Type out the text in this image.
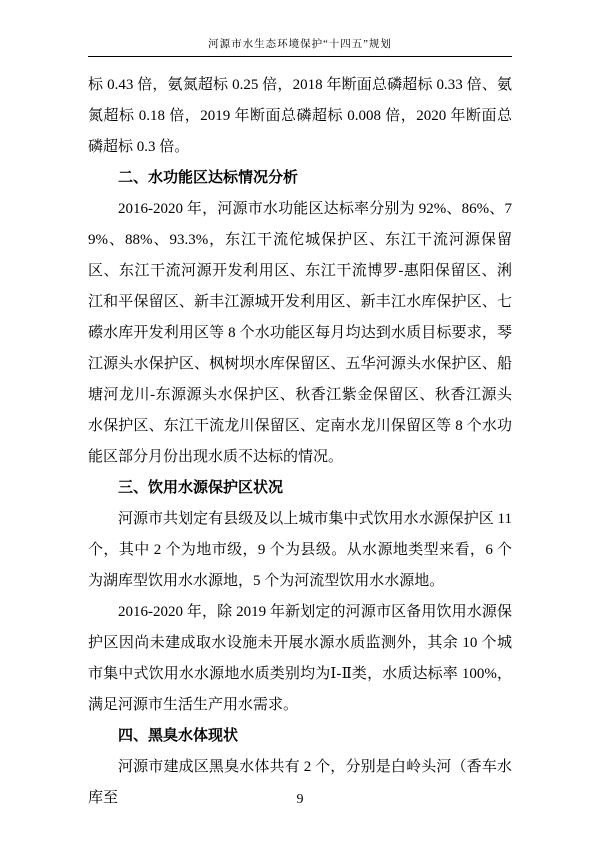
河源市水生态环境保护“十四五”规划

标 0.43 倍，氨氮超标 0.25 倍，2018 年断面总磷超标 0.33 倍、氨氮超标 0.18 倍，2019 年断面总磷超标 0.008 倍，2020 年断面总磷超标 0.3 倍。

二、水功能区达标情况分析

2016-2020 年，河源市水功能区达标率分别为 92%、86%、79%、88%、93.3%，东江干流佗城保护区、东江干流河源保留区、东江干流河源开发利用区、东江干流博罗-惠阳保留区、浰江和平保留区、新丰江源城开发利用区、新丰江水库保护区、七礤水库开发利用区等 8 个水功能区每月均达到水质目标要求，琴江源头水保护区、枫树坝水库保留区、五华河源头水保护区、船塘河龙川-东源源头水保护区、秋香江紫金保留区、秋香江源头水保护区、东江干流龙川保留区、定南水龙川保留区等 8 个水功能区部分月份出现水质不达标的情况。

三、饮用水源保护区状况

河源市共划定有县级及以上城市集中式饮用水水源保护区 11 个，其中 2 个为地市级，9 个为县级。从水源地类型来看，6 个为湖库型饮用水水源地，5 个为河流型饮用水水源地。

2016-2020 年，除 2019 年新划定的河源市区备用饮用水源保护区因尚未建成取水设施未开展水源水质监测外，其余 10 个城市集中式饮用水水源地水质类别均为Ⅰ-Ⅱ类，水质达标率 100%，满足河源市生活生产用水需求。

四、黑臭水体现状

河源市建成区黑臭水体共有 2 个，分别是白岭头河（香车水库至	9
